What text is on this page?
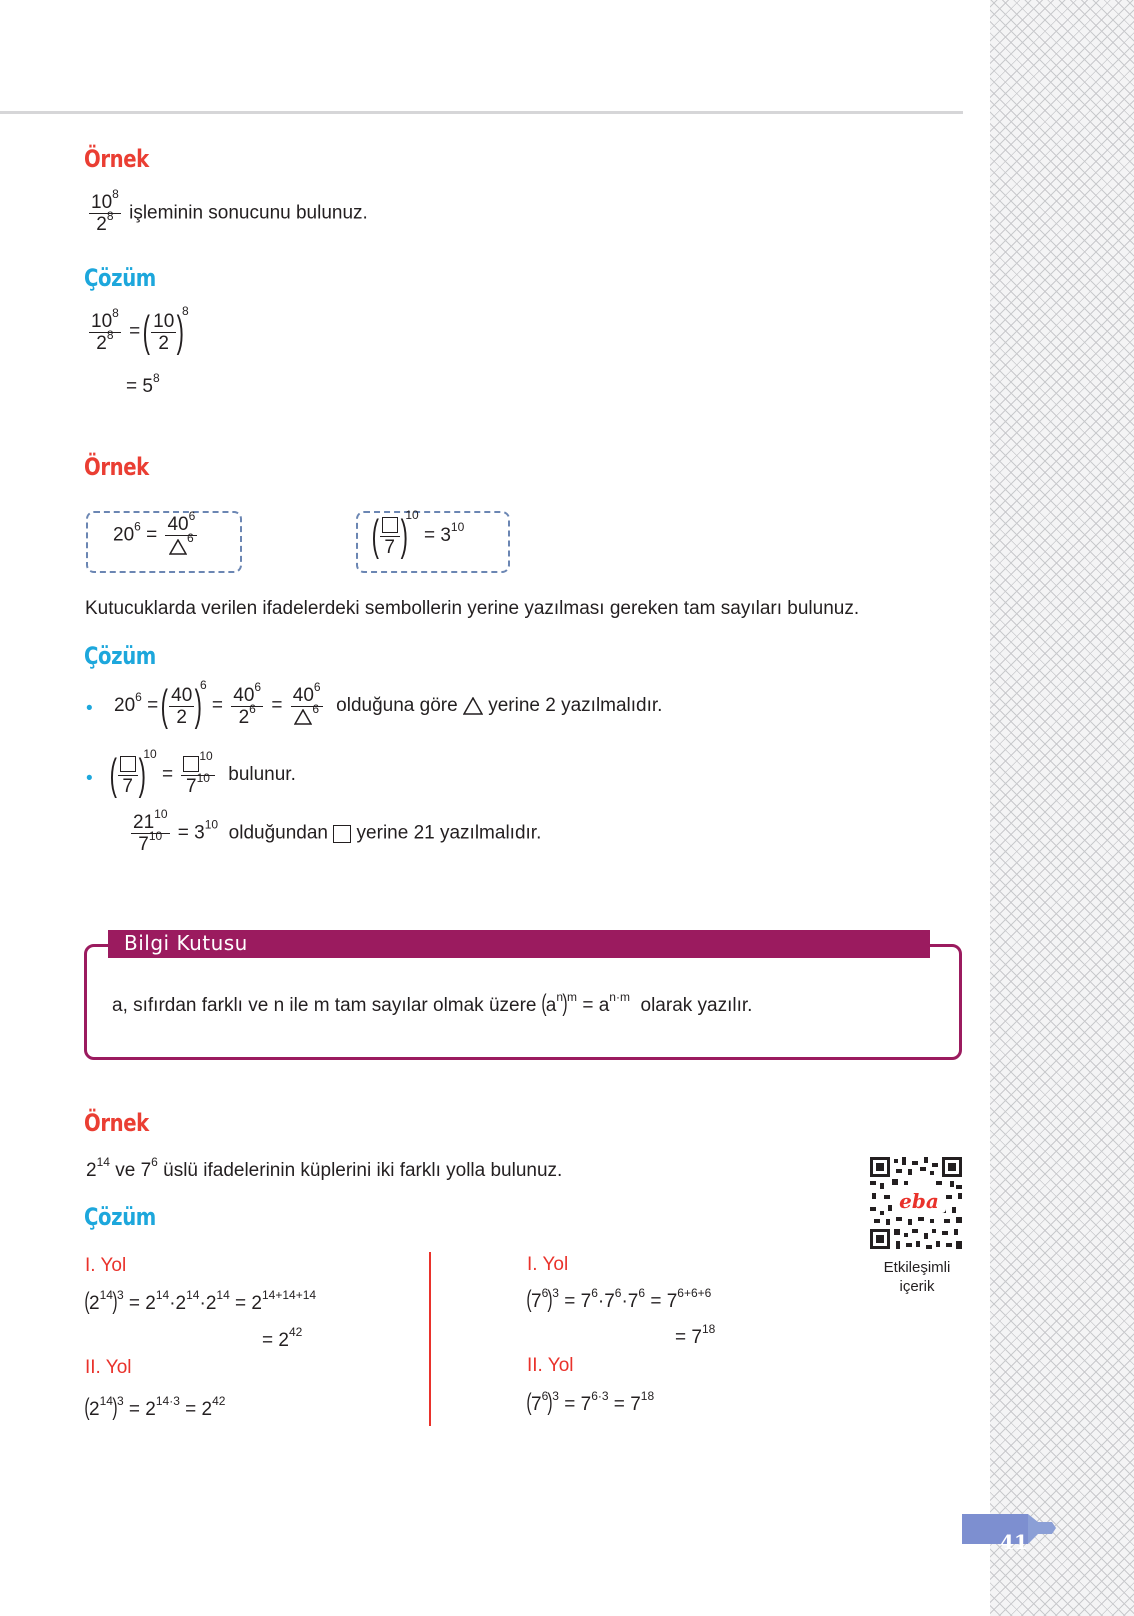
Örnek
$\frac{10^8}{2^8}$ işleminin sonucunu bulunuz.
Çözüm
$\frac{10^8}{2^8}$ = ( $\frac{10}{2} )^8$
= $5^8$
Örnek
$20^6 = \frac{40^6}{^6}$	( 7 )$^{10} = 3^{10}$
Kutucuklarda verilen ifadelerdeki sembollerin yerine yazılması gereken tam sayıları bulunuz.
Çözüm
• $20^6$ = ( $\frac{40}{2} )^6 = \frac{40^6}{2^6} = \frac{40^6}{^6}$ olduğuna göre yerine 2 yazılmalıdır.
• ( 7 )$^{10} = \frac{^{10}}{7^{10}}$ bulunur.
$\frac{21^{10}}{7^{10}} = 3^{10}$ olduğundan yerine 21 yazılmalıdır.
Bilgi Kutusu
a, sıfırdan farklı ve n ile m tam sayılar olmak üzere $(a^n)^m = a^{n\cdot m}$ olarak yazılır.
Örnek
$2^{14}$ ve $7^6$ üslü ifadelerinin küplerini iki farklı yolla bulunuz.
Çözüm
I. Yol
$(2^{14})^3 = 2^{14}\cdot 2^{14}\cdot 2^{14} = 2^{14+14+14}$
= $2^{42}$
II. Yol
$(2^{14})^3 = 2^{14\cdot 3} = 2^{42}$
I. Yol
$(7^6)^3 = 7^6\cdot 7^6\cdot 7^6 = 7^{6+6+6}$
= $7^{18}$
II. Yol
$(7^6)^3 = 7^{6\cdot 3} = 7^{18}$
eba
Etkileşimli
içerik
41
